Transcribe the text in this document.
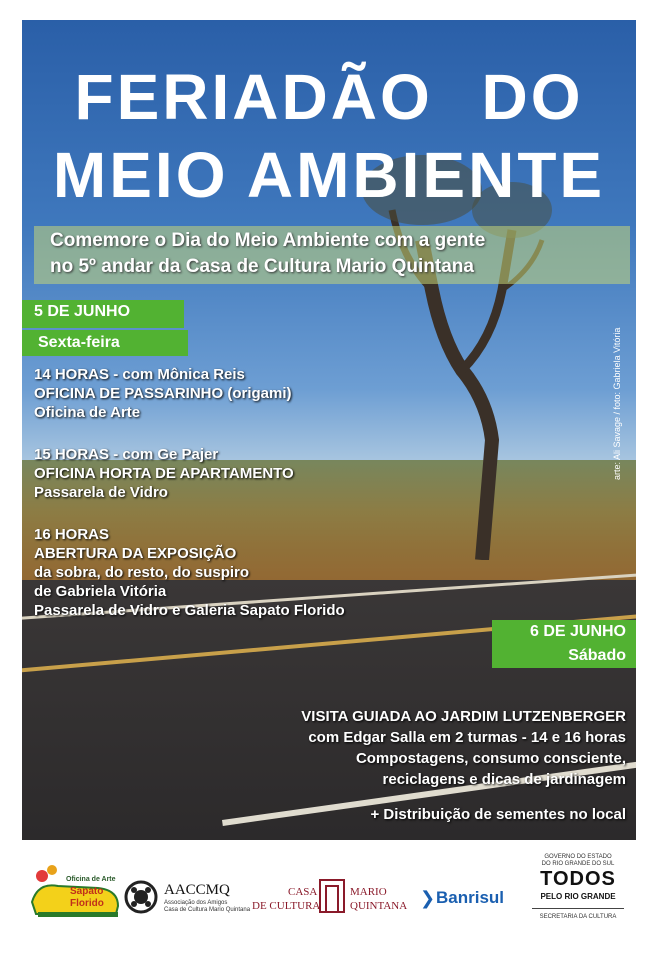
FERIADÃO DO
MEIO AMBIENTE
Comemore o Dia do Meio Ambiente com a gente
no 5º andar da Casa de Cultura Mario Quintana
5 DE JUNHO
Sexta-feira
14 HORAS - com Mônica Reis
OFICINA DE PASSARINHO (origami)
Oficina de Arte
15 HORAS - com Ge Pajer
OFICINA HORTA DE APARTAMENTO
Passarela de Vidro
16 HORAS
ABERTURA DA EXPOSIÇÃO
da sobra, do resto, do suspiro
de Gabriela Vitória
Passarela de Vidro e Galeria Sapato Florido
6 DE JUNHO
Sábado
VISITA GUIADA AO JARDIM LUTZENBERGER
com Edgar Salla em 2 turmas - 14 e 16 horas
Compostagens, consumo consciente,
reciclagens e dicas de jardinagem
+ Distribuição de sementes no local
arte: Ali Savage / foto: Gabriela Vitória
Oficina de Arte
Sapato
Florido
AACCMQ
Associação dos Amigos
Casa de Cultura Mario Quintana
CASA
DE CULTURA
MARIO
QUINTANA ❯ Banrisul
GOVERNO DO ESTADO
DO RIO GRANDE DO SUL
TODOS
PELO RIO GRANDE
SECRETARIA DA CULTURA
